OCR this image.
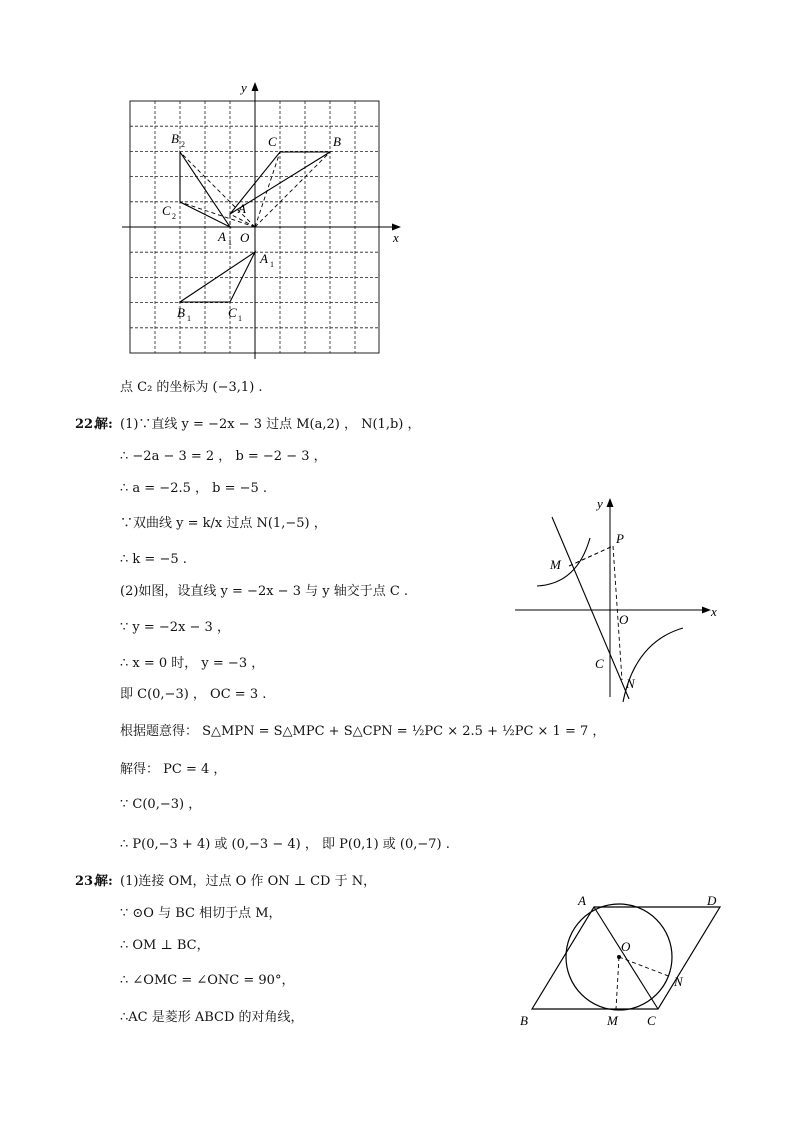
x
y
B 2	C	B
C 2
A
A 1 O
A 1
B 1	C 1
点 C₂ 的坐标为 (−3,1) .
22.
解: (1)∵直线 y = −2x − 3 过点 M(a,2) ， N(1,b) ，
∴ −2a − 3 = 2 ， b = −2 − 3 ，
∴ a = −2.5 ， b = −5 .
∵双曲线 y = k/x 过点 N(1,−5) ，
∴ k = −5 .
(2)如图，设直线 y = −2x − 3 与 y 轴交于点 C .
∵ y = −2x − 3 ，
∴ x = 0 时， y = −3 ，
即 C(0,−3) ， OC = 3 .
根据题意得： S△MPN = S△MPC + S△CPN = ½PC × 2.5 + ½PC × 1 = 7 ，
解得： PC = 4 ，
∵ C(0,−3) ，
∴ P(0,−3 + 4) 或 (0,−3 − 4) ， 即 P(0,1) 或 (0,−7) .
y
x
P
M
O
C
N
23.
解: (1)连接 OM，过点 O 作 ON ⊥ CD 于 N，
∵ ⊙O 与 BC 相切于点 M，
∴ OM ⊥ BC，
∴ ∠OMC = ∠ONC = 90°，
∴AC 是菱形 ABCD 的对角线，
A	D
O
N
B	M C
